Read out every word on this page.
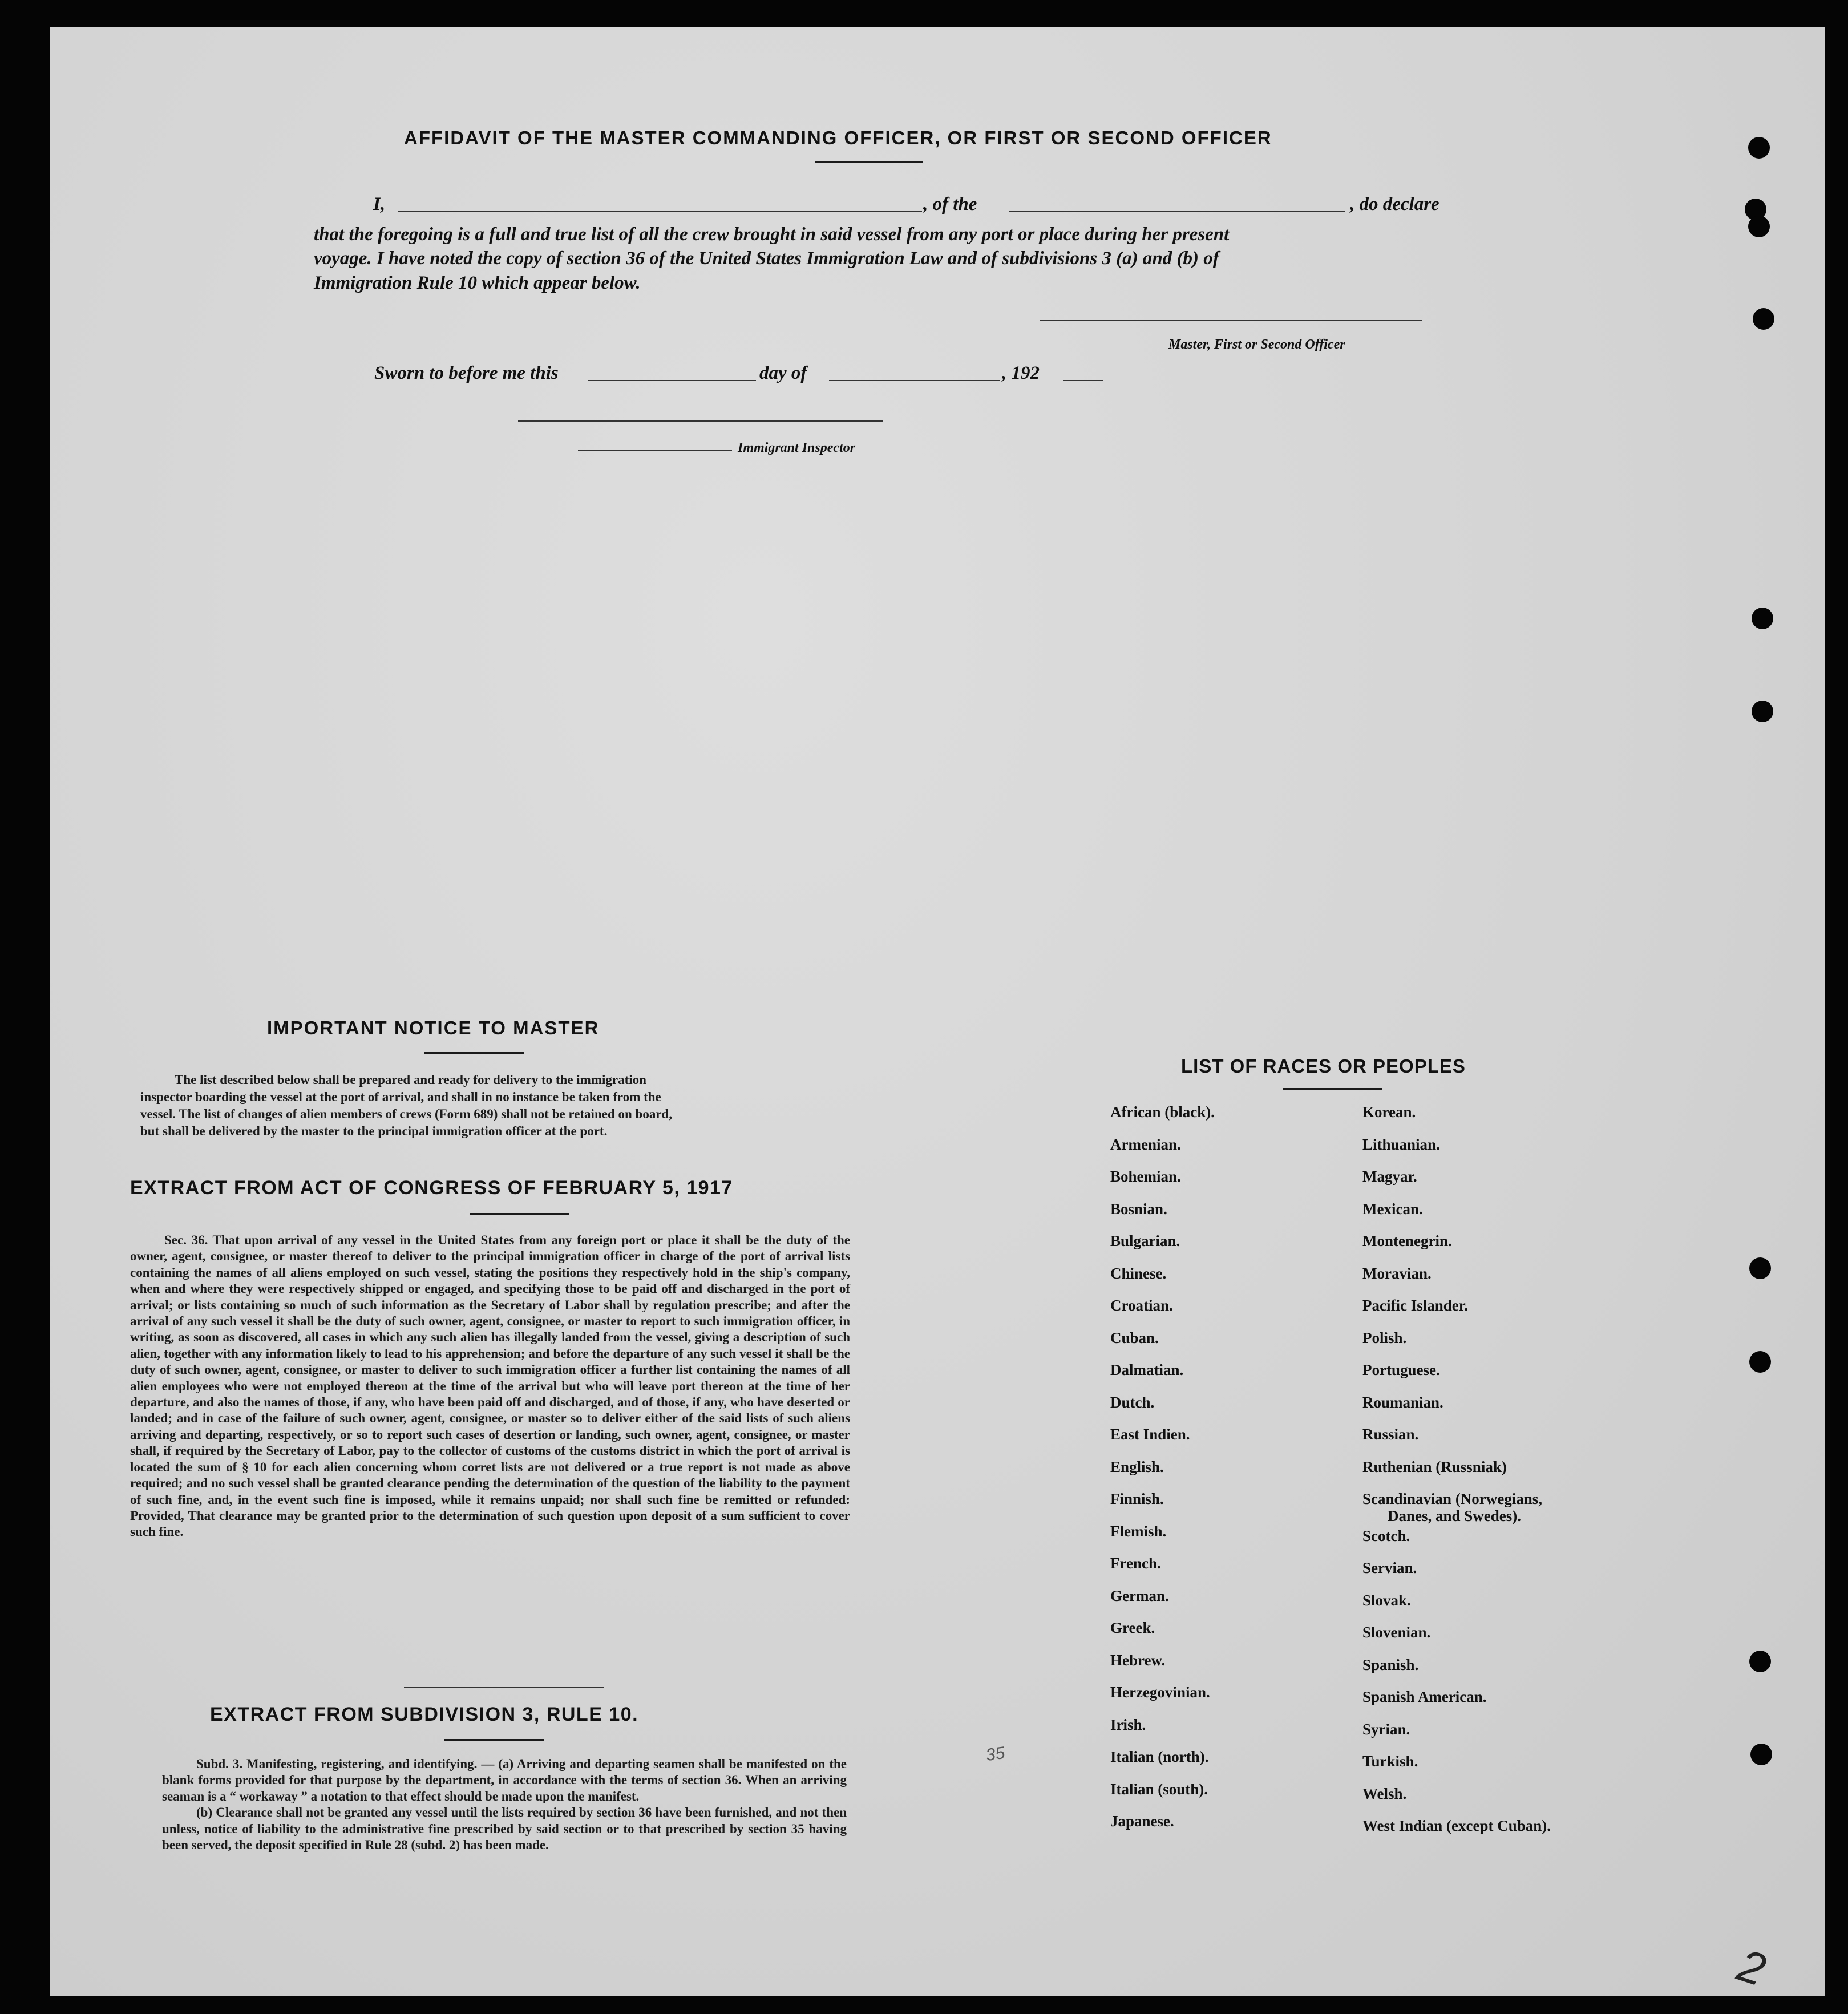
AFFIDAVIT OF THE MASTER COMMANDING OFFICER, OR FIRST OR SECOND OFFICER
I,	, of the	, do declare
that the foregoing is a full and true list of all the crew brought in said vessel from any port or place during her present
voyage. I have noted the copy of section 36 of the United States Immigration Law and of subdivisions 3 (a) and (b) of
Immigration Rule 10 which appear below.
Master, First or Second Officer
Sworn to before me this	day of	, 192
Immigrant Inspector
IMPORTANT NOTICE TO MASTER
The list described below shall be prepared and ready for delivery to the immigration
inspector boarding the vessel at the port of arrival, and shall in no instance be taken from the
vessel. The list of changes of alien members of crews (Form 689) shall not be retained on board,
but shall be delivered by the master to the principal immigration officer at the port.
EXTRACT FROM ACT OF CONGRESS OF FEBRUARY 5, 1917

Sec. 36. That upon arrival of any vessel in the United States from any foreign port or place it shall be the duty of the owner, agent, consignee, or master thereof to deliver to the principal immigration officer in charge of the port of arrival lists containing the names of all aliens employed on such vessel, stating the positions they respectively hold in the ship's company, when and where they were respectively shipped or engaged, and specifying those to be paid off and discharged in the port of arrival; or lists containing so much of such information as the Secretary of Labor shall by regulation prescribe; and after the arrival of any such vessel it shall be the duty of such owner, agent, consignee, or master to report to such immigration officer, in writing, as soon as discovered, all cases in which any such alien has illegally landed from the vessel, giving a description of such alien, together with any information likely to lead to his apprehension; and before the departure of any such vessel it shall be the duty of such owner, agent, consignee, or master to deliver to such immigration officer a further list containing the names of all alien employees who were not employed thereon at the time of the arrival but who will leave port thereon at the time of her departure, and also the names of those, if any, who have been paid off and discharged, and of those, if any, who have deserted or landed; and in case of the failure of such owner, agent, consignee, or master so to deliver either of the said lists of such aliens arriving and departing, respectively, or so to report such cases of desertion or landing, such owner, agent, consignee, or master shall, if required by the Secretary of Labor, pay to the collector of customs of the customs district in which the port of arrival is located the sum of § 10 for each alien concerning whom corret lists are not delivered or a true report is not made as above required; and no such vessel shall be granted clearance pending the determination of the question of the liability to the payment of such fine, and, in the event such fine is imposed, while it remains unpaid; nor shall such fine be remitted or refunded: Provided, That clearance may be granted prior to the determination of such question upon deposit of a sum sufficient to cover such fine.

EXTRACT FROM SUBDIVISION 3, RULE 10.

Subd. 3. Manifesting, registering, and identifying. — (a) Arriving and departing seamen shall be manifested on the blank forms provided for that purpose by the department, in accordance with the terms of section 36. When an arriving seaman is a “ workaway ” a notation to that effect should be made upon the manifest.

(b) Clearance shall not be granted any vessel until the lists required by section 36 have been furnished, and not then unless, notice of liability to the administrative fine prescribed by said section or to that prescribed by section 35 having been served, the deposit specified in Rule 28 (subd. 2) has been made.

LIST OF RACES OR PEOPLES
African (black).
Armenian.
Bohemian.
Bosnian.
Bulgarian.
Chinese.
Croatian.
Cuban.
Dalmatian.
Dutch.
East Indien.
English.
Finnish.
Flemish.
French.
German.
Greek.
Hebrew.
Herzegovinian.
Irish.
Italian (north).
Italian (south).
Japanese.
Korean.
Lithuanian.
Magyar.
Mexican.
Montenegrin.
Moravian.
Pacific Islander.
Polish.
Portuguese.
Roumanian.
Russian.
Ruthenian (Russniak)
Scandinavian (Norwegians,
Danes, and Swedes).
Scotch.
Servian.
Slovak.
Slovenian.
Spanish.
Spanish American.
Syrian.
Turkish.
Welsh.
West Indian (except Cuban).
35
2
